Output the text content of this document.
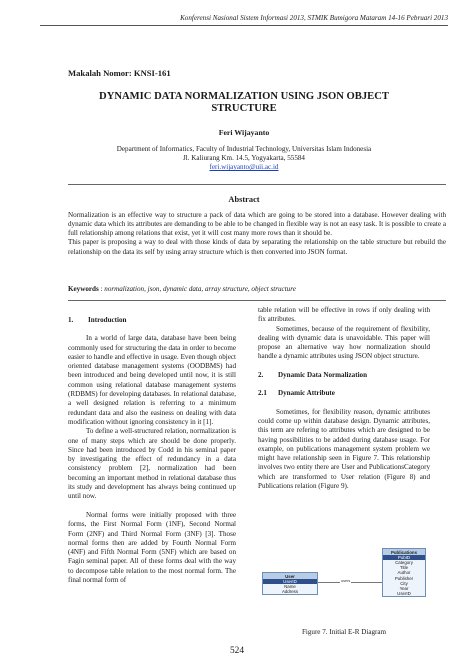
Konferensi Nasional Sistem Informasi 2013, STMIK Bumigora Mataram 14-16 Pebruari 2013
Makalah Nomor: KNSI-161
DYNAMIC DATA NORMALIZATION USING JSON OBJECT
STRUCTURE
Feri Wijayanto
Department of Informatics, Faculty of Industrial Technology, Universitas Islam Indonesia
Jl. Kaliurang Km. 14.5, Yogyakarta, 55584
feri.wijayanto@uii.ac.id
Abstract

Normalization is an effective way to structure a pack of data which are going to be stored into a database. However dealing with dynamic data which its attributes are demanding to be able to be changed in flexible way is not an easy task. It is possible to create a full relationship among relations that exist, yet it will cost many more rows than it should be.

This paper is proposing a way to deal with those kinds of data by separating the relationship on the table structure but rebuild the relationship on the data its self by using array structure which is then converted into JSON format.

Keywords : normalization, json, dynamic data, array structure, object structure
1. Introduction

In a world of large data, database have been being commonly used for structuring the data in order to become easier to handle and effective in usage. Even though object oriented database management systems (OODBMS) had been introduced and being developed until now, it is still common using relational database management systems (RDBMS) for developing databases. In relational database, a well designed relation is referring to a minimum redundant data and also the easiness on dealing with data modification without ignoring consistency in it [1].

To define a well-structured relation, normalization is one of many steps which are should be done properly. Since had been introduced by Codd in his seminal paper by investigating the effect of redundancy in a data consistency problem [2], normalization had been becoming an important method in relational database thus its study and development has always being continued up until now.

Normal forms were initially proposed with three forms, the First Normal Form (1NF), Second Normal Form (2NF) and Third Normal Form (3NF) [3]. Those normal forms then are added by Fourth Normal Form (4NF) and Fifth Normal Form (5NF) which are based on Fagin seminal paper. All of these forms deal with the way to decompose table relation to the most normal form. The final normal form of

table relation will be effective in rows if only dealing with fix attributes.

Sometimes, because of the requirement of flexibility, dealing with dynamic data is unavoidable. This paper will propose an alternative way how normalization should handle a dynamic attributes using JSON object structure.

2. Dynamic Data Normalization
2.1 Dynamic Attribute

Sometimes, for flexibility reason, dynamic attributes could come up within database design. Dynamic attributes, this term are refering to attributes which are designed to be having possibilities to be added during database usage. For example, on publications management system problem we might have relationship seen in Figure 7. This relationship involves two entity there are User and PublicationsCategory which are transformed to User relation (Figure 8) and Publications relation (Figure 9).

User
UserID
Name
Address
users
Publications
PubID
Category
Title
Author
Publisher
City
Year
UserID
Figure 7. Initial E-R Diagram
524
